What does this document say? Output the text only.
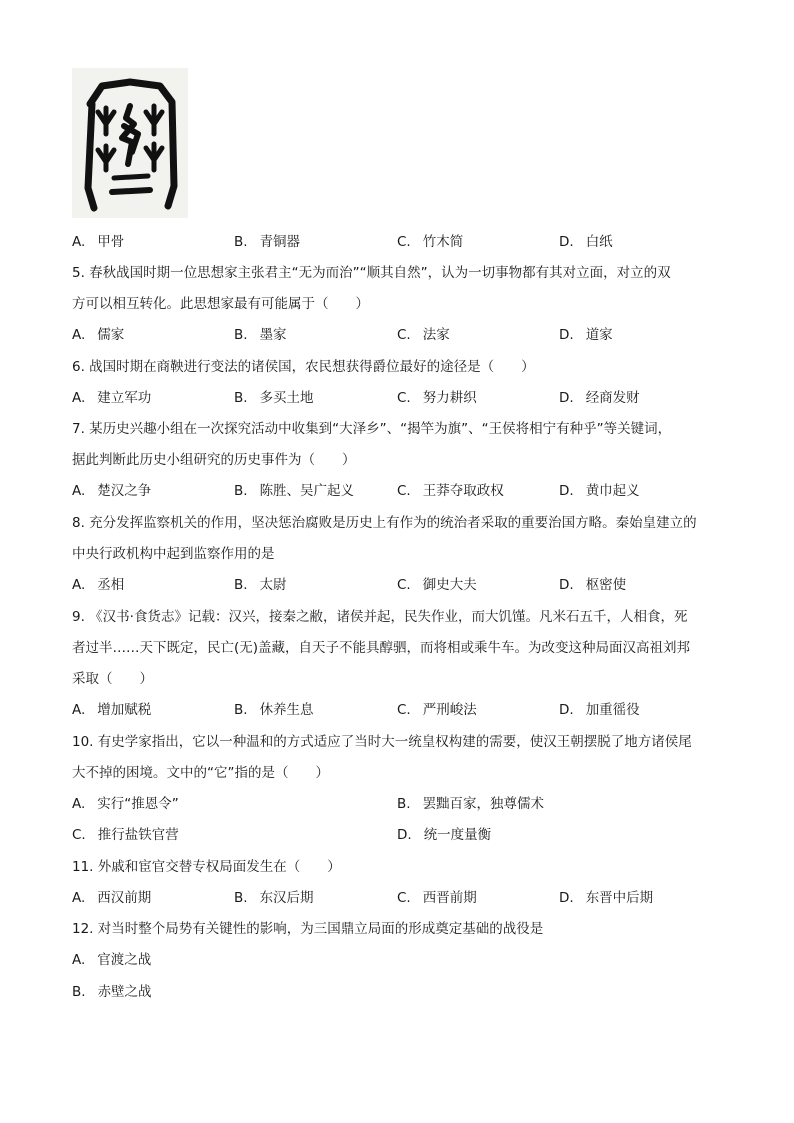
A. 甲骨	B. 青铜器	C. 竹木简	D. 白纸
5. 春秋战国时期一位思想家主张君主“无为而治”“顺其自然”，认为一切事物都有其对立面，对立的双
方可以相互转化。此思想家最有可能属于（　　）
A. 儒家	B. 墨家	C. 法家	D. 道家
6. 战国时期在商鞅进行变法的诸侯国，农民想获得爵位最好的途径是（　　）
A. 建立军功	B. 多买土地	C. 努力耕织	D. 经商发财
7. 某历史兴趣小组在一次探究活动中收集到“大泽乡”、“揭竿为旗”、“王侯将相宁有种乎”等关键词，
据此判断此历史小组研究的历史事件为（　　）
A. 楚汉之争	B. 陈胜、吴广起义	C. 王莽夺取政权	D. 黄巾起义
8. 充分发挥监察机关的作用，坚决惩治腐败是历史上有作为的统治者采取的重要治国方略。秦始皇建立的
中央行政机构中起到监察作用的是
A. 丞相	B. 太尉	C. 御史大夫	D. 枢密使
9. 《汉书·食货志》记载：汉兴，接秦之敝，诸侯并起，民失作业，而大饥馑。凡米石五千，人相食，死
者过半……天下既定，民亡(无)盖藏，自天子不能具醇驷，而将相或乘牛车。为改变这种局面汉高祖刘邦
采取（　　）
A. 增加赋税	B. 休养生息	C. 严刑峻法	D. 加重徭役
10. 有史学家指出，它以一种温和的方式适应了当时大一统皇权构建的需要，使汉王朝摆脱了地方诸侯尾
大不掉的困境。文中的“它”指的是（　　）
A. 实行“推恩令”	B. 罢黜百家，独尊儒术
C. 推行盐铁官营	D. 统一度量衡
11. 外戚和宦官交替专权局面发生在（　　）
A. 西汉前期	B. 东汉后期	C. 西晋前期	D. 东晋中后期
12. 对当时整个局势有关键性的影响，为三国鼎立局面的形成奠定基础的战役是
A. 官渡之战
B. 赤壁之战
